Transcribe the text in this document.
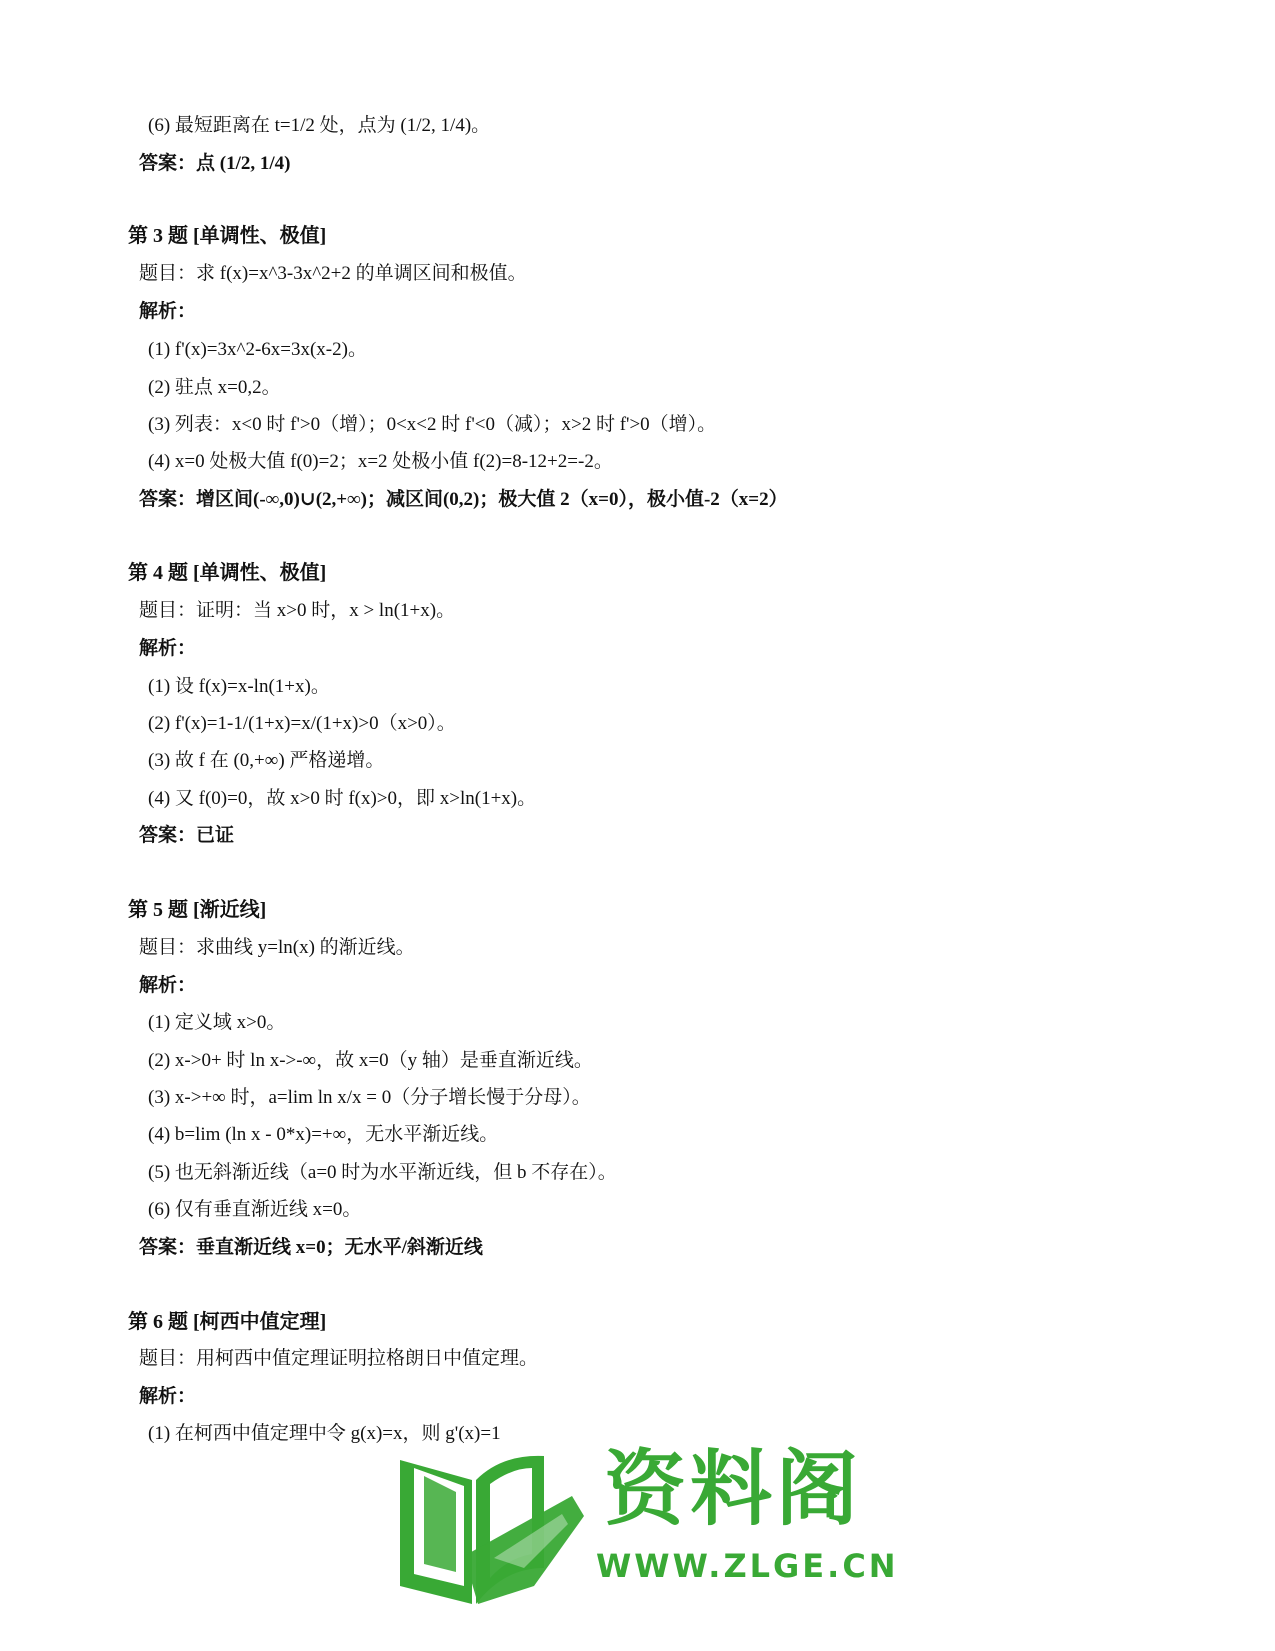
(6) 最短距离在 t=1/2 处，点为 (1/2, 1/4)。
答案：点 (1/2, 1/4)
第 3 题 [单调性、极值]
题目：求 f(x)=x^3-3x^2+2 的单调区间和极值。
解析：
(1) f'(x)=3x^2-6x=3x(x-2)。
(2) 驻点 x=0,2。
(3) 列表：x<0 时 f'>0（增）；0<x<2 时 f'<0（减）；x>2 时 f'>0（增）。
(4) x=0 处极大值 f(0)=2；x=2 处极小值 f(2)=8-12+2=-2。
答案：增区间(-∞,0)∪(2,+∞)；减区间(0,2)；极大值 2（x=0），极小值-2（x=2）
第 4 题 [单调性、极值]
题目：证明：当 x>0 时，x > ln(1+x)。
解析：
(1) 设 f(x)=x-ln(1+x)。
(2) f'(x)=1-1/(1+x)=x/(1+x)>0（x>0）。
(3) 故 f 在 (0,+∞) 严格递增。
(4) 又 f(0)=0，故 x>0 时 f(x)>0，即 x>ln(1+x)。
答案：已证
第 5 题 [渐近线]
题目：求曲线 y=ln(x) 的渐近线。
解析：
(1) 定义域 x>0。
(2) x->0+ 时 ln x->-∞，故 x=0（y 轴）是垂直渐近线。
(3) x->+∞ 时，a=lim ln x/x = 0（分子增长慢于分母）。
(4) b=lim (ln x - 0*x)=+∞，无水平渐近线。
(5) 也无斜渐近线（a=0 时为水平渐近线，但 b 不存在）。
(6) 仅有垂直渐近线 x=0。
答案：垂直渐近线 x=0；无水平/斜渐近线
第 6 题 [柯西中值定理]
题目：用柯西中值定理证明拉格朗日中值定理。
解析：
(1) 在柯西中值定理中令 g(x)=x，则 g'(x)=1
资料阁
WWW.ZLGE.CN
